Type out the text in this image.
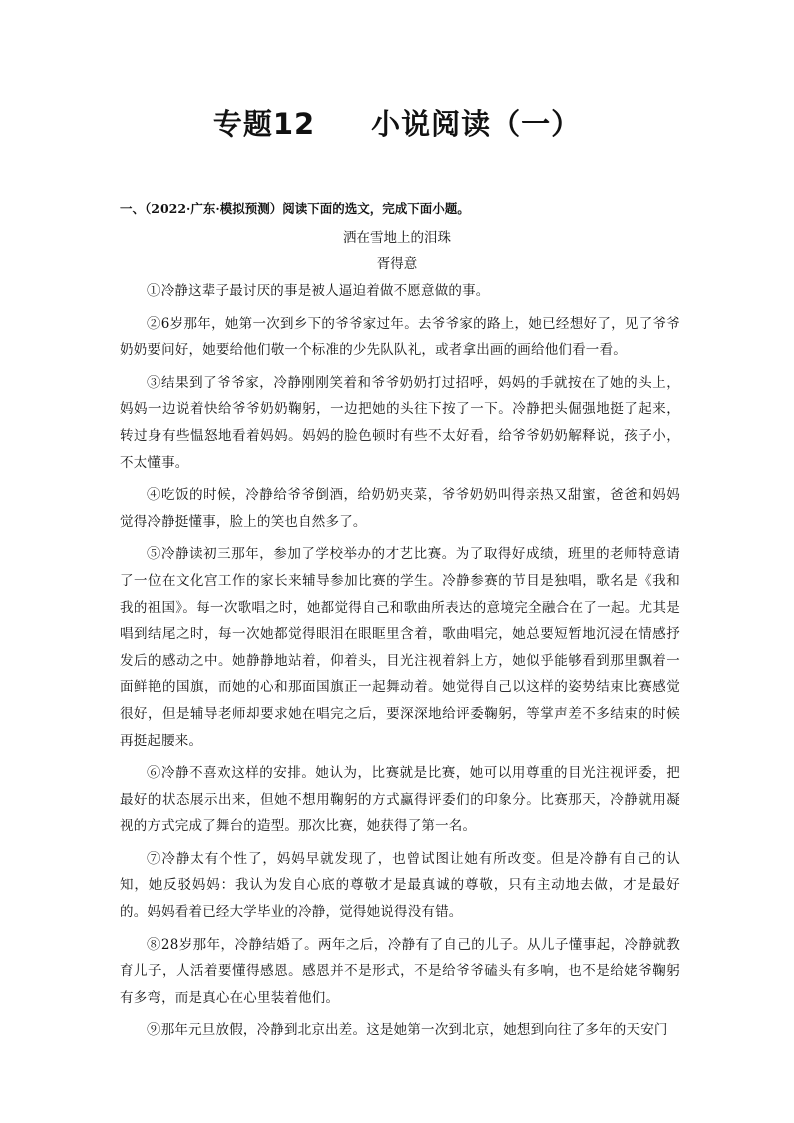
专题12 小说阅读（一）
一、（2022·广东·模拟预测）阅读下面的选文，完成下面小题。
洒在雪地上的泪珠
胥得意

①冷静这辈子最讨厌的事是被人逼迫着做不愿意做的事。

②6岁那年，她第一次到乡下的爷爷家过年。去爷爷家的路上，她已经想好了，见了爷爷奶奶要问好，她要给他们敬一个标准的少先队队礼，或者拿出画的画给他们看一看。

③结果到了爷爷家，冷静刚刚笑着和爷爷奶奶打过招呼，妈妈的手就按在了她的头上，妈妈一边说着快给爷爷奶奶鞠躬，一边把她的头往下按了一下。冷静把头倔强地挺了起来，转过身有些愠怒地看着妈妈。妈妈的脸色顿时有些不太好看，给爷爷奶奶解释说，孩子小，不太懂事。

④吃饭的时候，冷静给爷爷倒酒，给奶奶夹菜，爷爷奶奶叫得亲热又甜蜜，爸爸和妈妈觉得冷静挺懂事，脸上的笑也自然多了。

⑤冷静读初三那年，参加了学校举办的才艺比赛。为了取得好成绩，班里的老师特意请了一位在文化宫工作的家长来辅导参加比赛的学生。冷静参赛的节目是独唱，歌名是《我和我的祖国》。每一次歌唱之时，她都觉得自己和歌曲所表达的意境完全融合在了一起。尤其是唱到结尾之时，每一次她都觉得眼泪在眼眶里含着，歌曲唱完，她总要短暂地沉浸在情感抒发后的感动之中。她静静地站着，仰着头，目光注视着斜上方，她似乎能够看到那里飘着一面鲜艳的国旗，而她的心和那面国旗正一起舞动着。她觉得自己以这样的姿势结束比赛感觉很好，但是辅导老师却要求她在唱完之后，要深深地给评委鞠躬，等掌声差不多结束的时候再挺起腰来。

⑥冷静不喜欢这样的安排。她认为，比赛就是比赛，她可以用尊重的目光注视评委，把最好的状态展示出来，但她不想用鞠躬的方式赢得评委们的印象分。比赛那天，冷静就用凝视的方式完成了舞台的造型。那次比赛，她获得了第一名。

⑦冷静太有个性了，妈妈早就发现了，也曾试图让她有所改变。但是冷静有自己的认知，她反驳妈妈：我认为发自心底的尊敬才是最真诚的尊敬，只有主动地去做，才是最好的。妈妈看着已经大学毕业的冷静，觉得她说得没有错。

⑧28岁那年，冷静结婚了。两年之后，冷静有了自己的儿子。从儿子懂事起，冷静就教育儿子，人活着要懂得感恩。感恩并不是形式，不是给爷爷磕头有多响，也不是给姥爷鞠躬有多弯，而是真心在心里装着他们。

⑨那年元旦放假，冷静到北京出差。这是她第一次到北京，她想到向往了多年的天安门
